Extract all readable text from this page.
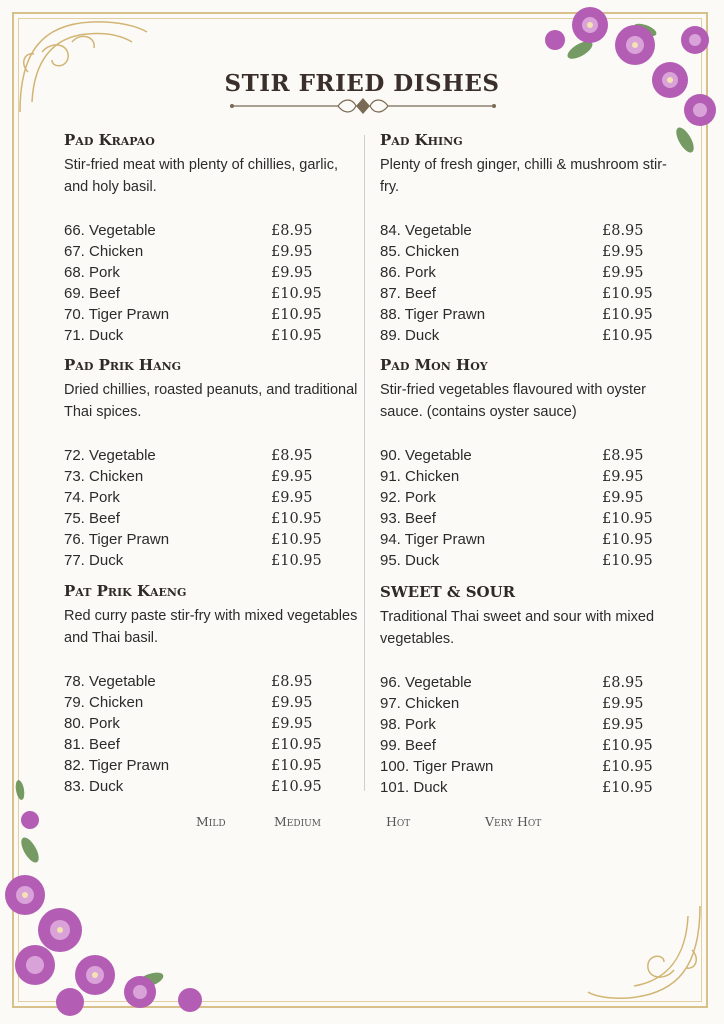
STIR FRIED DISHES
Pad Krapao
Stir-fried meat with plenty of chillies, garlic, and holy basil.
66. Vegetable	£8.95
67. Chicken	£9.95
68. Pork	£9.95
69. Beef	£10.95
70. Tiger Prawn	£10.95
71. Duck	£10.95
Pad Khing
Plenty of fresh ginger, chilli & mushroom stir-fry.
84. Vegetable	£8.95
85. Chicken	£9.95
86. Pork	£9.95
87. Beef	£10.95
88. Tiger Prawn	£10.95
89. Duck	£10.95
Pad Prik Hang
Dried chillies, roasted peanuts, and traditional Thai spices.
72. Vegetable	£8.95
73. Chicken	£9.95
74. Pork	£9.95
75. Beef	£10.95
76. Tiger Prawn	£10.95
77. Duck	£10.95
Pad Mon Hoy
Stir-fried vegetables flavoured with oyster sauce. (contains oyster sauce)
90. Vegetable	£8.95
91. Chicken	£9.95
92. Pork	£9.95
93. Beef	£10.95
94. Tiger Prawn	£10.95
95. Duck	£10.95
Pat Prik Kaeng
Red curry paste stir-fry with mixed vegetables and Thai basil.
78. Vegetable	£8.95
79. Chicken	£9.95
80. Pork	£9.95
81. Beef	£10.95
82. Tiger Prawn	£10.95
83. Duck	£10.95
SWEET & SOUR
Traditional Thai sweet and sour with mixed vegetables.
96. Vegetable	£8.95
97. Chicken	£9.95
98. Pork	£9.95
99. Beef	£10.95
100. Tiger Prawn	£10.95
101. Duck	£10.95
Mild	Medium	Hot	Very Hot
